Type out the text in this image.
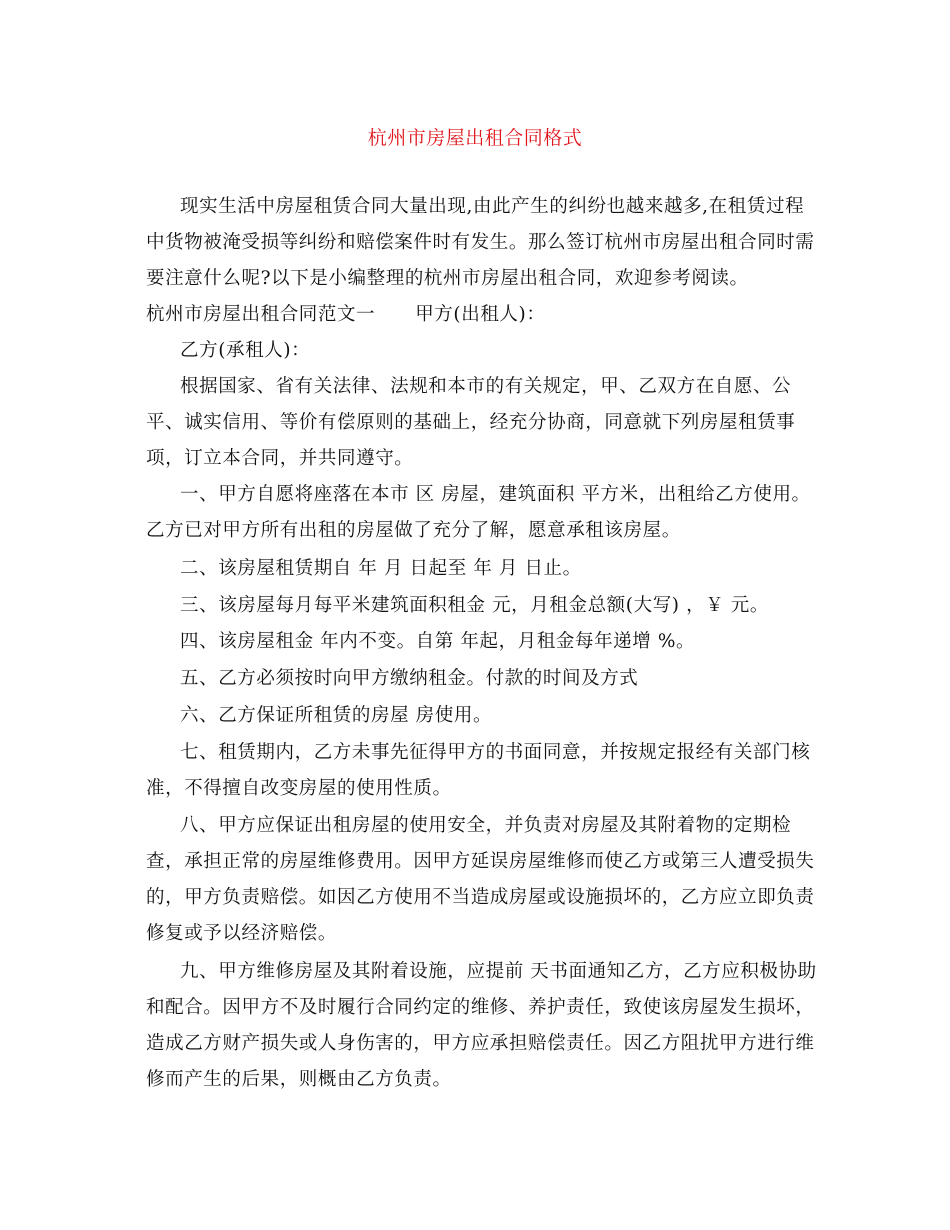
杭州市房屋出租合同格式
现实生活中房屋租赁合同大量出现,由此产生的纠纷也越来越多,在租赁过程
中货物被淹受损等纠纷和赔偿案件时有发生。那么签订杭州市房屋出租合同时需
要注意什么呢?以下是小编整理的杭州市房屋出租合同，欢迎参考阅读。
杭州市房屋出租合同范文一 甲方(出租人)：
乙方(承租人)：
根据国家、省有关法律、法规和本市的有关规定，甲、乙双方在自愿、公
平、诚实信用、等价有偿原则的基础上，经充分协商，同意就下列房屋租赁事
项，订立本合同，并共同遵守。
一、甲方自愿将座落在本市 区 房屋，建筑面积 平方米，出租给乙方使用。
乙方已对甲方所有出租的房屋做了充分了解，愿意承租该房屋。
二、该房屋租赁期自 年 月 日起至 年 月 日止。
三、该房屋每月每平米建筑面积租金 元，月租金总额(大写) ，￥ 元。
四、该房屋租金 年内不变。自第 年起，月租金每年递增 %。
五、乙方必须按时向甲方缴纳租金。付款的时间及方式
六、乙方保证所租赁的房屋 房使用。
七、租赁期内，乙方未事先征得甲方的书面同意，并按规定报经有关部门核
准，不得擅自改变房屋的使用性质。
八、甲方应保证出租房屋的使用安全，并负责对房屋及其附着物的定期检
查，承担正常的房屋维修费用。因甲方延误房屋维修而使乙方或第三人遭受损失
的，甲方负责赔偿。如因乙方使用不当造成房屋或设施损坏的，乙方应立即负责
修复或予以经济赔偿。
九、甲方维修房屋及其附着设施，应提前 天书面通知乙方，乙方应积极协助
和配合。因甲方不及时履行合同约定的维修、养护责任，致使该房屋发生损坏，
造成乙方财产损失或人身伤害的，甲方应承担赔偿责任。因乙方阻扰甲方进行维
修而产生的后果，则概由乙方负责。
